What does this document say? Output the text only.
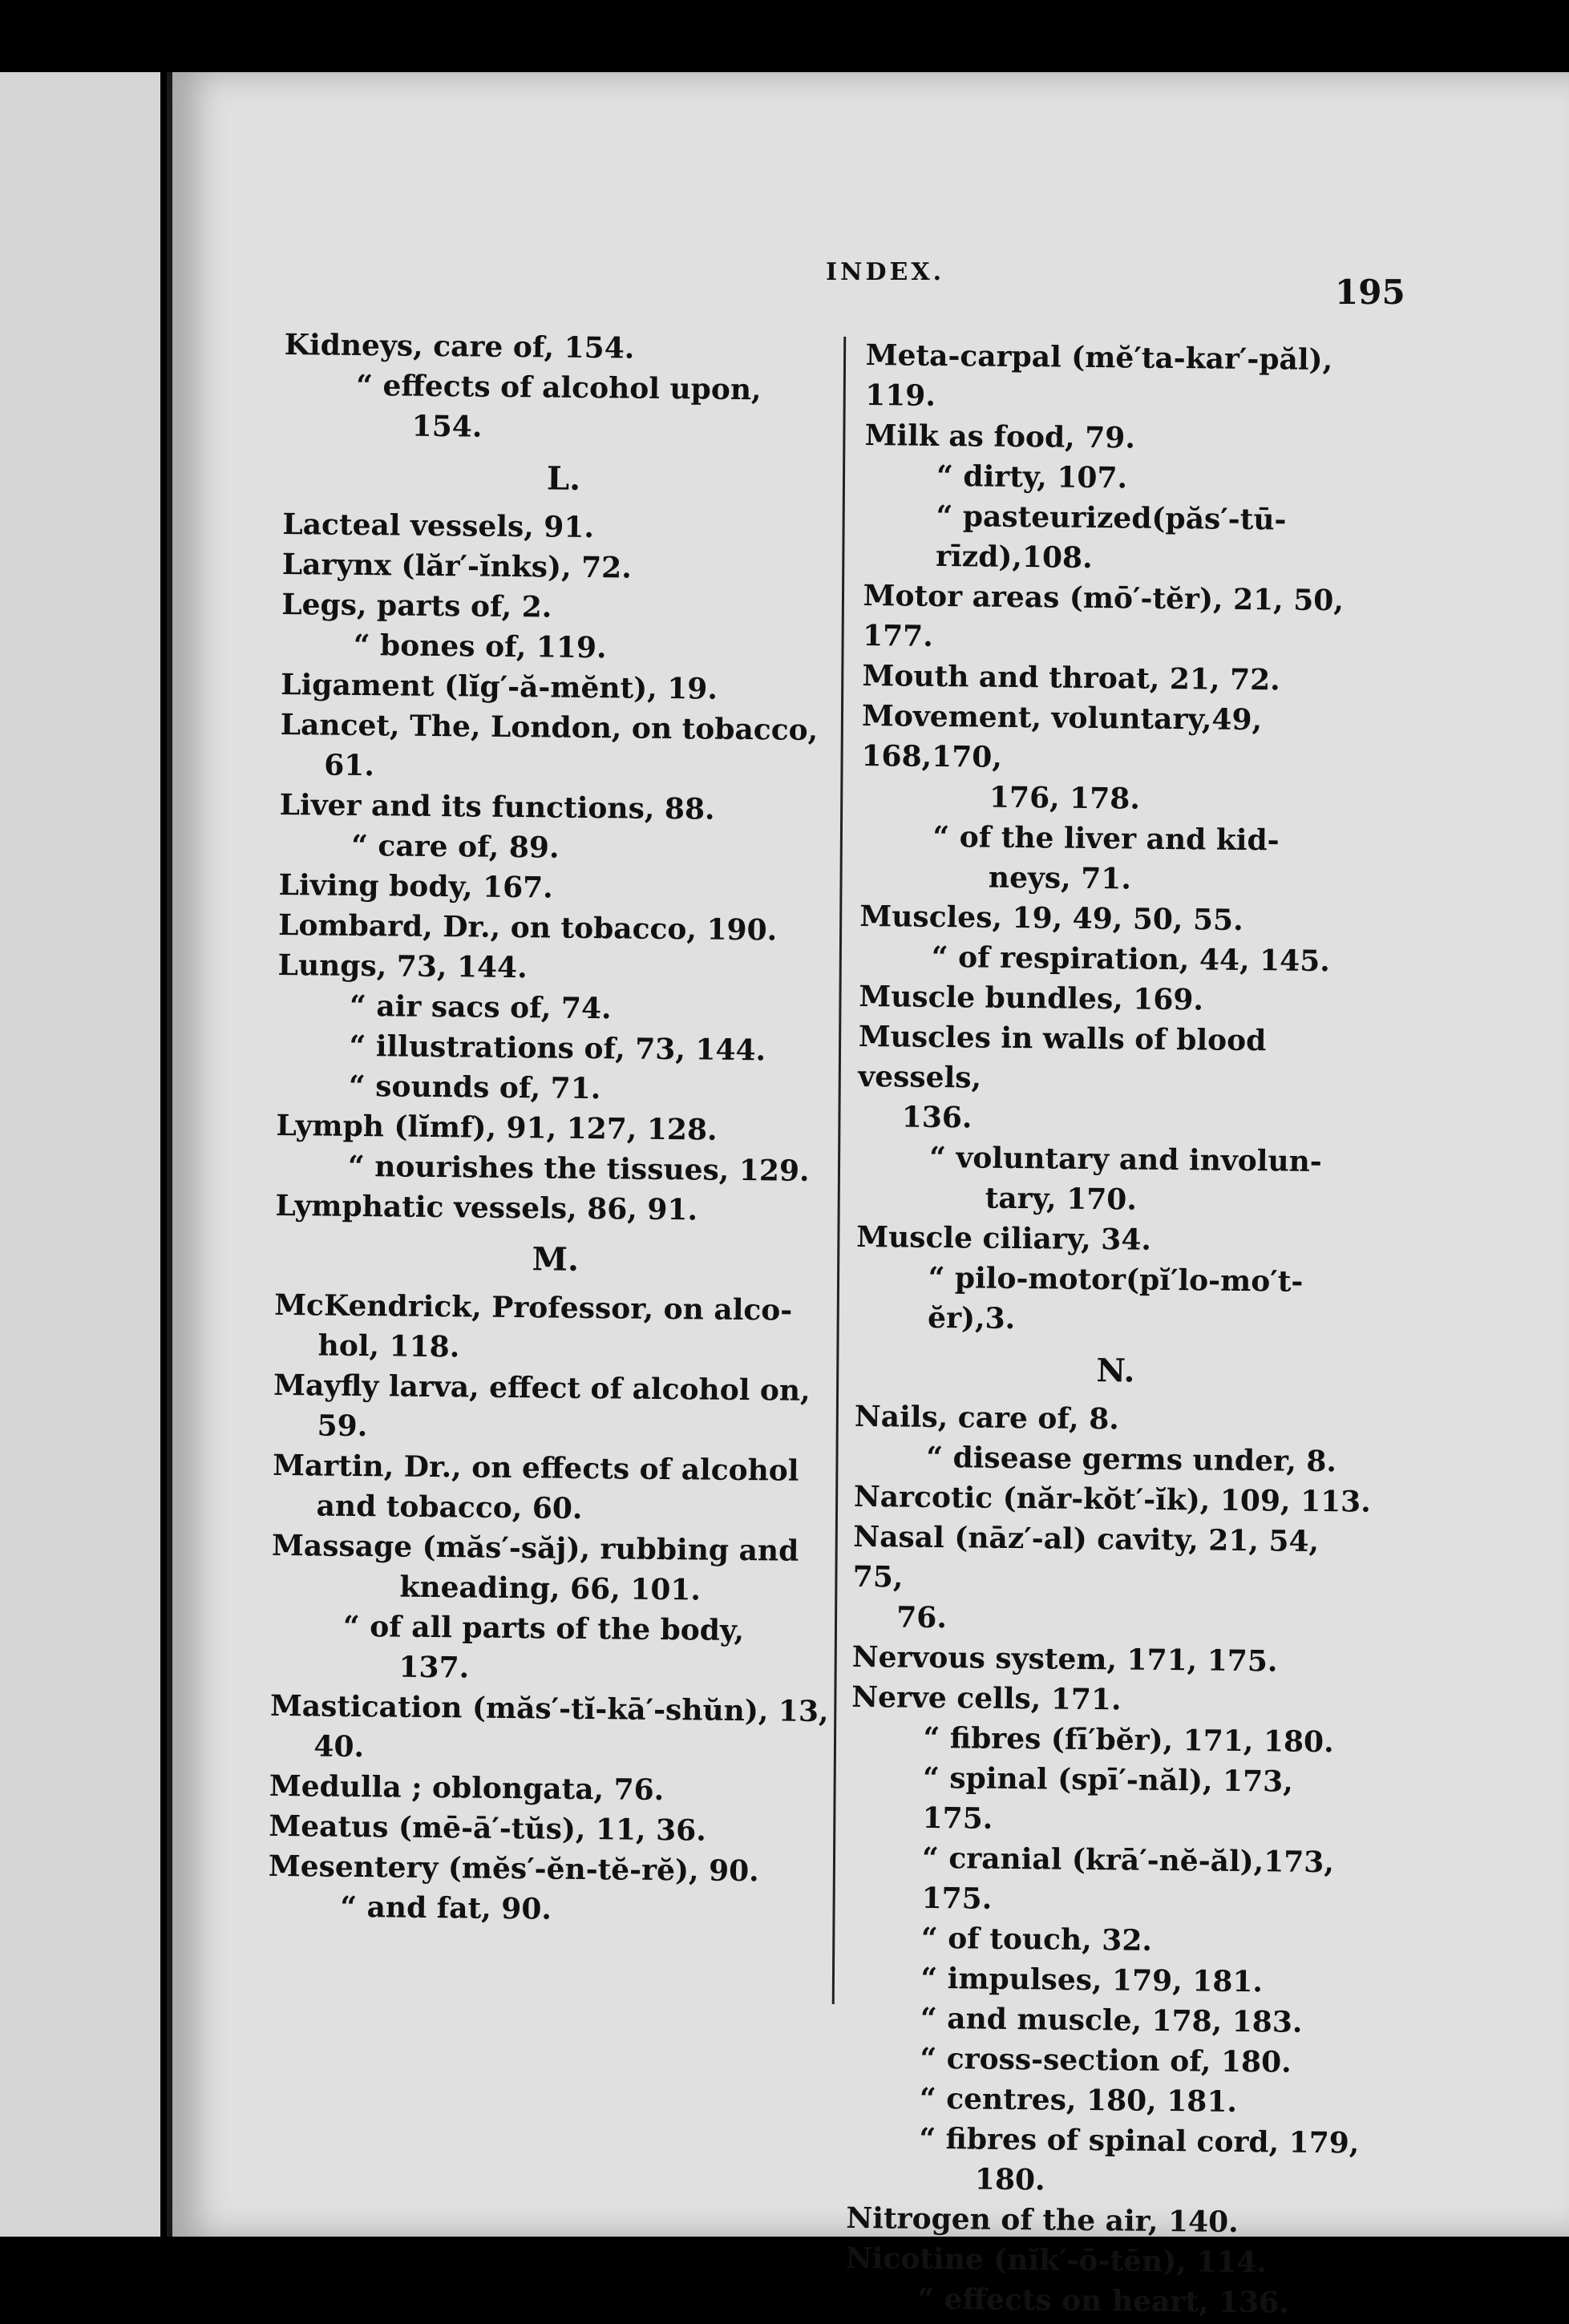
INDEX.
195
Kidneys, care of, 154.
“ effects of alcohol upon,
154.
L.
Lacteal vessels, 91.
Larynx (lăr′-ĭnks), 72.
Legs, parts of, 2.
“ bones of, 119.
Ligament (lĭg′-ă-mĕnt), 19.
Lancet, The, London, on tobacco,
61.
Liver and its functions, 88.
“ care of, 89.
Living body, 167.
Lombard, Dr., on tobacco, 190.
Lungs, 73, 144.
“ air sacs of, 74.
“ illustrations of, 73, 144.
“ sounds of, 71.
Lymph (lĭmf), 91, 127, 128.
“ nourishes the tissues, 129.
Lymphatic vessels, 86, 91.
M.
McKendrick, Professor, on alco-
hol, 118.
Mayfly larva, effect of alcohol on,
59.
Martin, Dr., on effects of alcohol
and tobacco, 60.
Massage (măs′-săj), rubbing and
kneading, 66, 101.
“ of all parts of the body,
137.
Mastication (măs′-tĭ-kā′-shŭn), 13,
40.
Medulla ; oblongata, 76.
Meatus (mē-ā′-tŭs), 11, 36.
Mesentery (mĕs′-ĕn-tĕ-rĕ), 90.
“ and fat, 90.
Meta-carpal (mĕ′ta-kar′-păl), 119.
Milk as food, 79.
“ dirty, 107.
“ pasteurized(păs′-tū-rīzd),108.
Motor areas (mō′-tĕr), 21, 50, 177.
Mouth and throat, 21, 72.
Movement, voluntary,49, 168,170,
176, 178.
“ of the liver and kid-
neys, 71.
Muscles, 19, 49, 50, 55.
“ of respiration, 44, 145.
Muscle bundles, 169.
Muscles in walls of blood vessels,
136.
“ voluntary and involun-
tary, 170.
Muscle ciliary, 34.
“ pilo-motor(pĭ′lo-mo′t-ĕr),3.
N.
Nails, care of, 8.
“ disease germs under, 8.
Narcotic (năr-kŏt′-ĭk), 109, 113.
Nasal (nāz′-al) cavity, 21, 54, 75,
76.
Nervous system, 171, 175.
Nerve cells, 171.
“ fibres (fī′bĕr), 171, 180.
“ spinal (spī′-năl), 173, 175.
“ cranial (krā′-nĕ-ăl),173, 175.
“ of touch, 32.
“ impulses, 179, 181.
“ and muscle, 178, 183.
“ cross-section of, 180.
“ centres, 180, 181.
“ fibres of spinal cord, 179,
180.
Nitrogen of the air, 140.
Nicotine (nĭk′-ō-tēn), 114.
“ effects on heart, 136.
